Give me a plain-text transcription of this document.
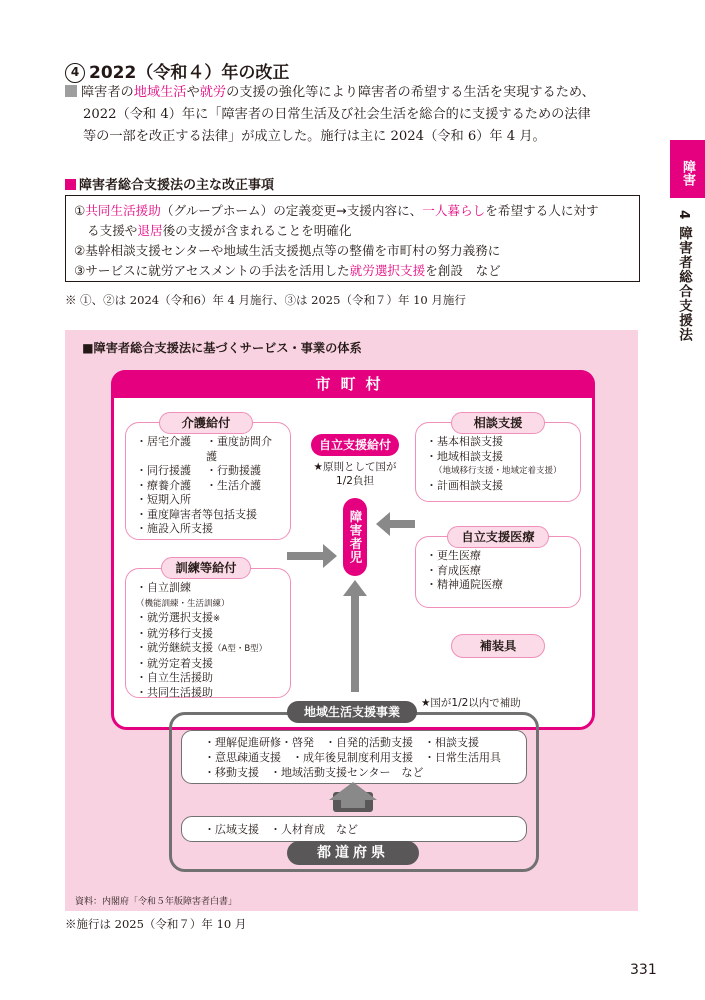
4 2022（令和４）年の改正
障害者の地域生活や就労の支援の強化等により障害者の希望する生活を実現するため、
2022（令和 4）年に「障害者の日常生活及び社会生活を総合的に支援するための法律
等の一部を改正する法律」が成立した。施行は主に 2024（令和 6）年 4 月。
障害
4 障害者総合支援法
障害者総合支援法の主な改正事項
①共同生活援助（グループホーム）の定義変更→支援内容に、一人暮らしを希望する人に対す
る支援や退居後の支援が含まれることを明確化
②基幹相談支援センターや地域生活支援拠点等の整備を市町村の努力義務に
③サービスに就労アセスメントの手法を活用した就労選択支援を創設　など
※ ①、②は 2024（令和6）年 4 月施行、③は 2025（令和７）年 10 月施行
■障害者総合支援法に基づくサービス・事業の体系
市町村
・居宅介護	・重度訪問介護
・同行援護	・行動援護
・療養介護	・生活介護
・短期入所
・重度障害者等包括支援
・施設入所支援
介護給付
・自立訓練（機能訓練・生活訓練）
・就労選択支援※
・就労移行支援
・就労継続支援（A型・B型）
・就労定着支援
・自立生活援助
・共同生活援助
訓練等給付
自立支援給付
★原則として国が
1/2負担
障害者児
・基本相談支援
・地域相談支援
（地域移行支援・地域定着支援）
・計画相談支援
相談支援
・更生医療
・育成医療
・精神通院医療
自立支援医療
補装具
地域生活支援事業
★国が1/2以内で補助
・理解促進研修・啓発　・自発的活動支援　・相談支援
・意思疎通支援　・成年後見制度利用支援　・日常生活用具
・移動支援　・地域活動支援センター　など
・広域支援　・人材育成　など
都道府県
資料：内閣府「令和５年版障害者白書」
※施行は 2025（令和７）年 10 月
331
